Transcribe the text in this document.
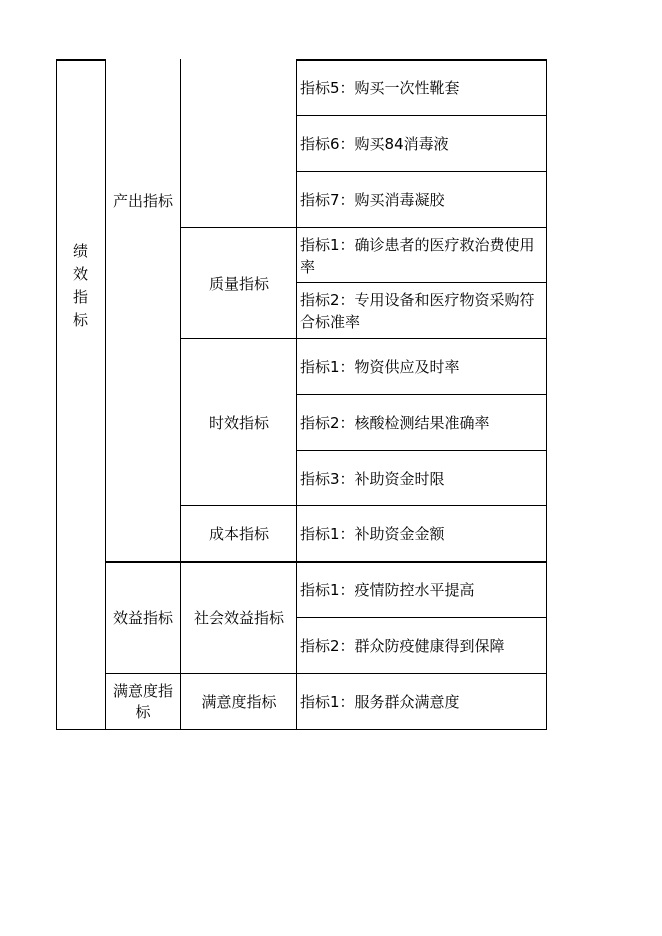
绩
效
指
标
产出指标
效益指标
满意度指标
质量指标
时效指标
成本指标
社会效益指标
满意度指标
指标5：购买一次性靴套
指标6：购买84消毒液
指标7：购买消毒凝胶
指标1：确诊患者的医疗救治费使用率
指标2：专用设备和医疗物资采购符合标准率
指标1：物资供应及时率
指标2：核酸检测结果准确率
指标3：补助资金时限
指标1：补助资金金额
指标1：疫情防控水平提高
指标2：群众防疫健康得到保障
指标1：服务群众满意度
